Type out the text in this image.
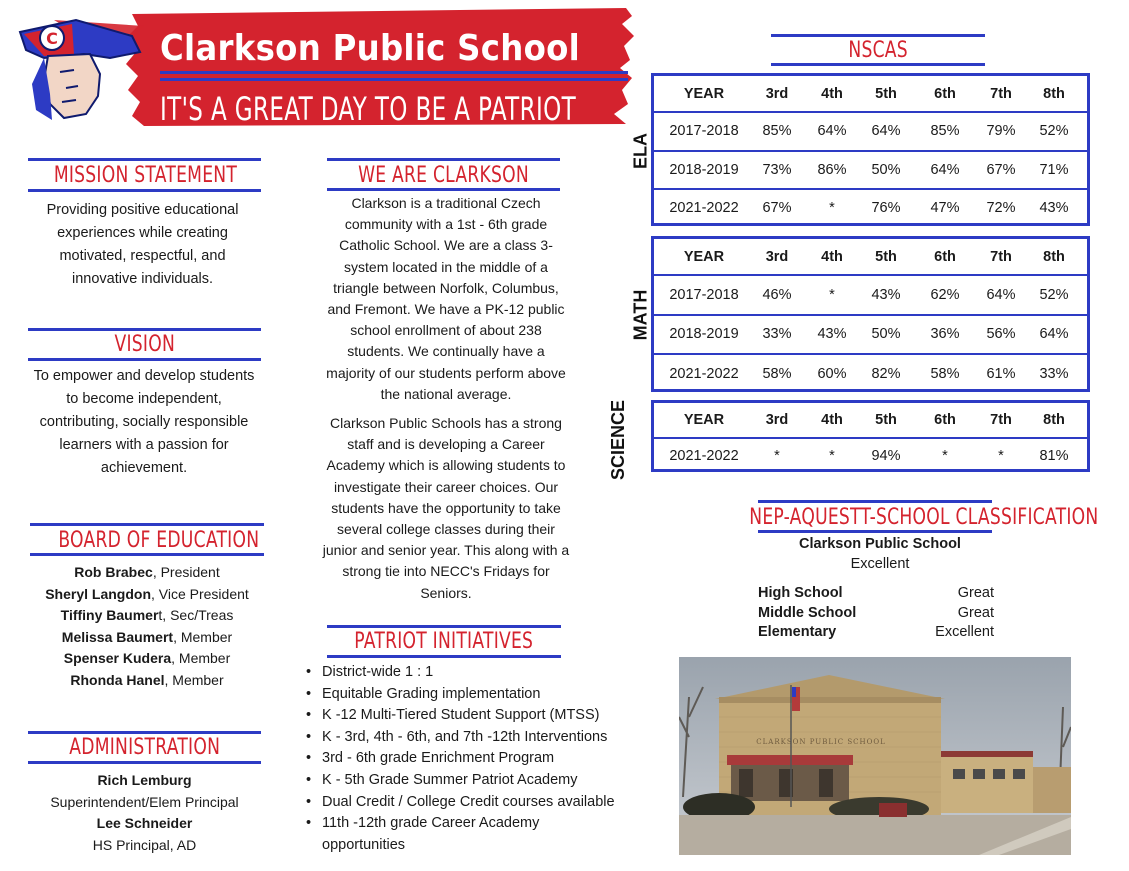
C	Clarkson Public School
IT'S A GREAT DAY TO BE A PATRIOT
MISSION STATEMENT
Providing positive educational
experiences while creating
motivated, respectful, and
innovative individuals.
VISION
To empower and develop students
to become independent,
contributing, socially responsible
learners with a passion for
achievement.
BOARD OF EDUCATION
Rob Brabec, President
Sheryl Langdon, Vice President
Tiffiny Baumert, Sec/Treas
Melissa Baumert, Member
Spenser Kudera, Member
Rhonda Hanel, Member
ADMINISTRATION
Rich Lemburg
Superintendent/Elem Principal
Lee Schneider
HS Principal, AD
WE ARE CLARKSON
Clarkson is a traditional Czech
community with a 1st - 6th grade
Catholic School. We are a class 3-
system located in the middle of a
triangle between Norfolk, Columbus,
and Fremont. We have a PK-12 public
school enrollment of about 238
students. We continually have a
majority of our students perform above
the national average.
Clarkson Public Schools has a strong
staff and is developing a Career
Academy which is allowing students to
investigate their career choices. Our
students have the opportunity to take
several college classes during their
junior and senior year. This along with a
strong tie into NECC's Fridays for
Seniors.
PATRIOT INITIATIVES
• District-wide 1 : 1
• Equitable Grading implementation
• K -12 Multi-Tiered Student Support (MTSS)
• K - 3rd, 4th - 6th, and 7th -12th Interventions
• 3rd - 6th grade Enrichment Program
• K - 5th Grade Summer Patriot Academy
• Dual Credit / College Credit courses available
• 11th -12th grade Career Academy
opportunities
NSCAS
YEAR	3rd	4th	5th	6th	7th	8th
2017-2018	85%	64%	64%	85%	79%	52%
2018-2019	73%	86%	50%	64%	67%	71%
2021-2022	67%	*	76%	47%	72%	43%
ELA
YEAR	3rd	4th	5th	6th	7th	8th
2017-2018	46%	*	43%	62%	64%	52%
2018-2019	33%	43%	50%	36%	56%	64%
2021-2022	58%	60%	82%	58%	61%	33%
MATH
YEAR	3rd	4th	5th	6th	7th	8th
2021-2022	*	*	94%	*	*	81%
SCIENCE
NEP-AQUESTT-SCHOOL CLASSIFICATION
Clarkson Public School
Excellent
High School	Great
Middle School	Great
Elementary	Excellent
CLARKSON PUBLIC SCHOOL
